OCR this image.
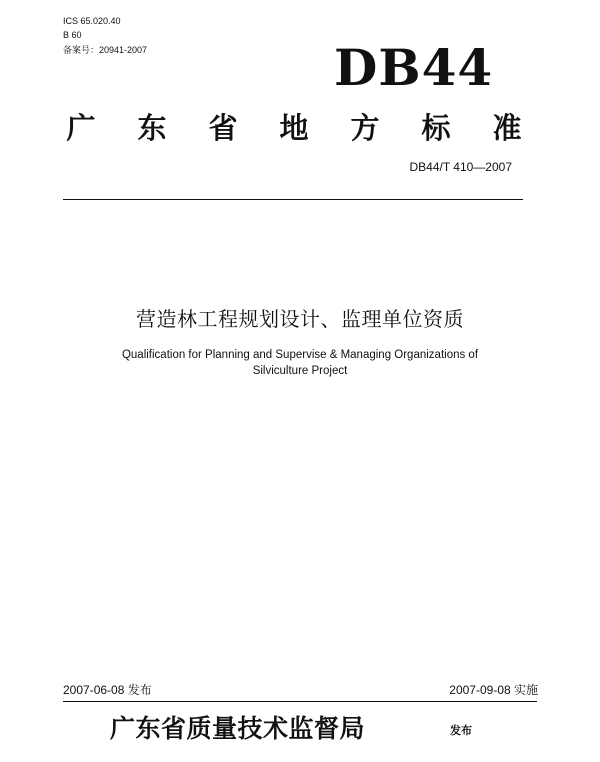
ICS 65.020.40
B 60
备案号：20941-2007	DB44
广 东 省 地 方 标 准
DB44/T 410—2007
营造林工程规划设计、监理单位资质
Qualification for Planning and Supervise & Managing Organizations of
Silviculture Project
2007-06-08 发布	2007-09-08 实施
广东省质量技术监督局	发布
